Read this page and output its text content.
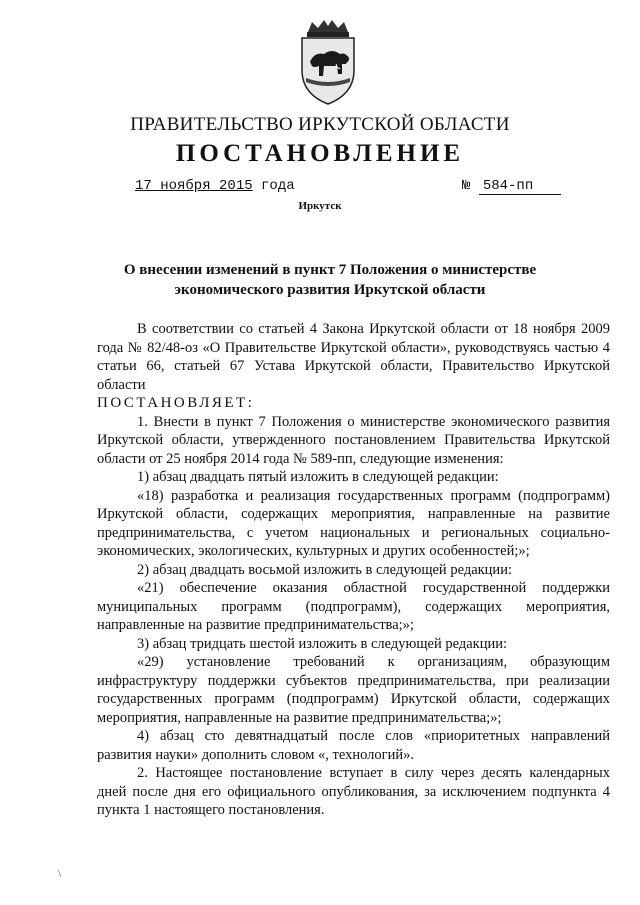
ПРАВИТЕЛЬСТВО ИРКУТСКОЙ ОБЛАСТИ
ПОСТАНОВЛЕНИЕ
17 ноября 2015 года	№ 584-пп
Иркутск
О внесении изменений в пункт 7 Положения о министерстве экономического развития Иркутской области

В соответствии со статьей 4 Закона Иркутской области от 18 ноября 2009 года № 82/48-оз «О Правительстве Иркутской области», руководствуясь частью 4 статьи 66, статьей 67 Устава Иркутской области, Правительство Иркутской области

ПОСТАНОВЛЯЕТ:

1. Внести в пункт 7 Положения о министерстве экономического развития Иркутской области, утвержденного постановлением Правительства Иркутской области от 25 ноября 2014 года № 589-пп, следующие изменения:

1) абзац двадцать пятый изложить в следующей редакции:

«18) разработка и реализация государственных программ (подпрограмм) Иркутской области, содержащих мероприятия, направленные на развитие предпринимательства, с учетом национальных и региональных социально-экономических, экологических, культурных и других особенностей;»;

2) абзац двадцать восьмой изложить в следующей редакции:

«21) обеспечение оказания областной государственной поддержки муниципальных программ (подпрограмм), содержащих мероприятия, направленные на развитие предпринимательства;»;

3) абзац тридцать шестой изложить в следующей редакции:

«29) установление требований к организациям, образующим инфраструктуру поддержки субъектов предпринимательства, при реализации государственных программ (подпрограмм) Иркутской области, содержащих мероприятия, направленные на развитие предпринимательства;»;

4) абзац сто девятнадцатый после слов «приоритетных направлений развития науки» дополнить словом «, технологий».

2. Настоящее постановление вступает в силу через десять календарных дней после дня его официального опубликования, за исключением подпункта 4 пункта 1 настоящего постановления.

\
